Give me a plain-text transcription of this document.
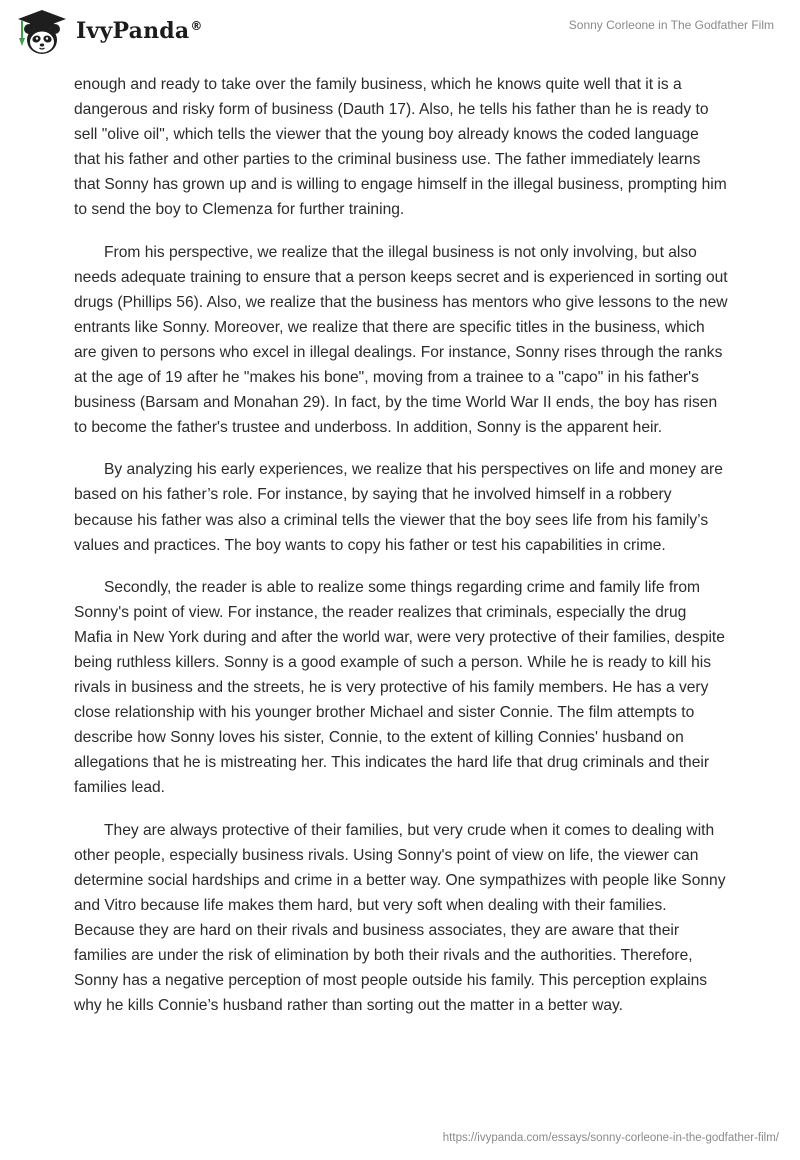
IvyPanda®	Sonny Corleone in The Godfather Film

enough and ready to take over the family business, which he knows quite well that it is a dangerous and risky form of business (Dauth 17). Also, he tells his father than he is ready to sell "olive oil", which tells the viewer that the young boy already knows the coded language that his father and other parties to the criminal business use. The father immediately learns that Sonny has grown up and is willing to engage himself in the illegal business, prompting him to send the boy to Clemenza for further training.

From his perspective, we realize that the illegal business is not only involving, but also needs adequate training to ensure that a person keeps secret and is experienced in sorting out drugs (Phillips 56). Also, we realize that the business has mentors who give lessons to the new entrants like Sonny. Moreover, we realize that there are specific titles in the business, which are given to persons who excel in illegal dealings. For instance, Sonny rises through the ranks at the age of 19 after he "makes his bone", moving from a trainee to a "capo" in his father's business (Barsam and Monahan 29). In fact, by the time World War II ends, the boy has risen to become the father's trustee and underboss. In addition, Sonny is the apparent heir.

By analyzing his early experiences, we realize that his perspectives on life and money are based on his father’s role. For instance, by saying that he involved himself in a robbery because his father was also a criminal tells the viewer that the boy sees life from his family’s values and practices. The boy wants to copy his father or test his capabilities in crime.

Secondly, the reader is able to realize some things regarding crime and family life from Sonny's point of view. For instance, the reader realizes that criminals, especially the drug Mafia in New York during and after the world war, were very protective of their families, despite being ruthless killers. Sonny is a good example of such a person. While he is ready to kill his rivals in business and the streets, he is very protective of his family members. He has a very close relationship with his younger brother Michael and sister Connie. The film attempts to describe how Sonny loves his sister, Connie, to the extent of killing Connies' husband on allegations that he is mistreating her. This indicates the hard life that drug criminals and their families lead.

They are always protective of their families, but very crude when it comes to dealing with other people, especially business rivals. Using Sonny's point of view on life, the viewer can determine social hardships and crime in a better way. One sympathizes with people like Sonny and Vitro because life makes them hard, but very soft when dealing with their families. Because they are hard on their rivals and business associates, they are aware that their families are under the risk of elimination by both their rivals and the authorities. Therefore, Sonny has a negative perception of most people outside his family. This perception explains why he kills Connie’s husband rather than sorting out the matter in a better way.

https://ivypanda.com/essays/sonny-corleone-in-the-godfather-film/
